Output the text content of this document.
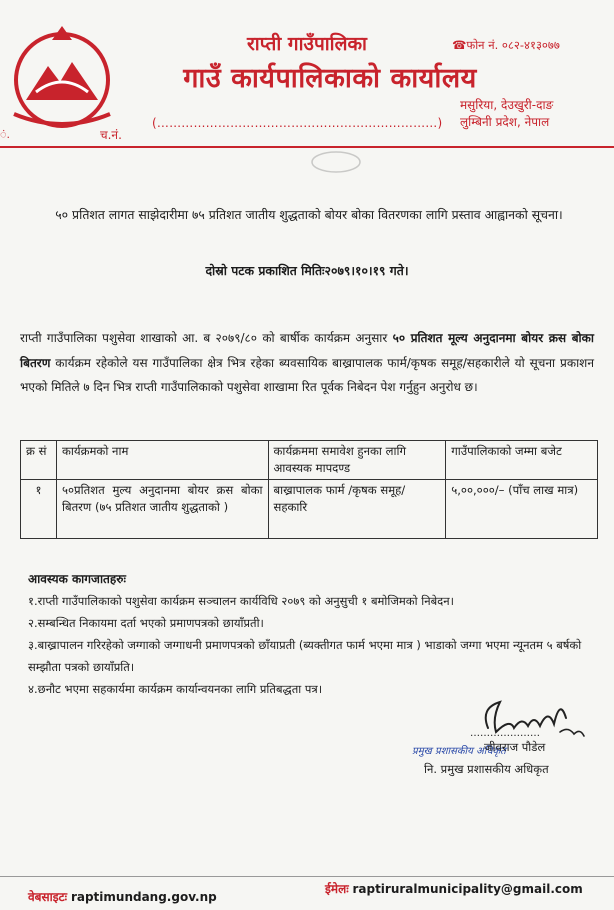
राप्ती गाउँपालिका
गाउँ कार्यपालिकाको कार्यालय
☎फोन नं. ०८२-४१३०७७
मसुरिया, देउखुरी-दाङ
लुम्बिनी प्रदेश, नेपाल
ं.	च.नं.
(……………………………………………………………)
५० प्रतिशत लागत साझेदारीमा ७५ प्रतिशत जातीय शुद्धताको बोयर बोका वितरणका लागि प्रस्ताव आह्वानको सूचना।
दोस्रो पटक प्रकाशित मितिः२०७९।१०।१९ गते।
राप्ती गाउँपालिका पशुसेवा शाखाको आ. ब २०७९/८० को बार्षीक कार्यक्रम अनुसार ५० प्रतिशत मूल्य अनुदानमा बोयर क्रस बोका बितरण कार्यक्रम रहेकोले यस गाउँपालिका क्षेत्र भित्र रहेका ब्यवसायिक बाख्रापालक फार्म/कृषक समूह/सहकारीले यो सूचना प्रकाशन भएको मितिले ७ दिन भित्र राप्ती गाउँपालिकाको पशुसेवा शाखामा रित पूर्वक निबेदन पेश गर्नुहुन अनुरोध छ।
क्र सं	कार्यक्रमको नाम	कार्यक्रममा समावेश हुनका लागि आवस्यक मापदण्ड	गाउँपालिकाको जम्मा बजेट
१	५०प्रतिशत मुल्य अनुदानमा बोयर क्रस बोका बितरण (७५ प्रतिशत जातीय शुद्धताको )	बाख्रापालक फार्म /कृषक समूह/ सहकारि	५,००,०००/– (पाँच लाख मात्र)
आवस्यक कागजातहरुः
१.राप्ती गाउँपालिकाको पशुसेवा कार्यक्रम सञ्चालन कार्यविधि २०७९ को अनुसुची १ बमोजिमको निबेदन।
२.सम्बन्धित निकायमा दर्ता भएको प्रमाणपत्रको छायाँप्रती।
३.बाख्रापालन गरिरहेको जग्गाको जग्गाधनी प्रमाणपत्रको छाँयाप्रती (ब्यक्तीगत फार्म भएमा मात्र ) भाडाको जग्गा भएमा न्यूनतम ५ बर्षको सम्झौता पत्रको छायाँप्रति।
४.छनौट भएमा सहकार्यमा कार्यक्रम कार्यान्वयनका लागि प्रतिबद्धता पत्र।
…………………
प्रमुख प्रशासकीय अधिकृत
जीवराज पौडेल
नि. प्रमुख प्रशासकीय अधिकृत
वेबसाइटः raptimundang.gov.np
ईमेलः raptiruralmunicipality@gmail.com
